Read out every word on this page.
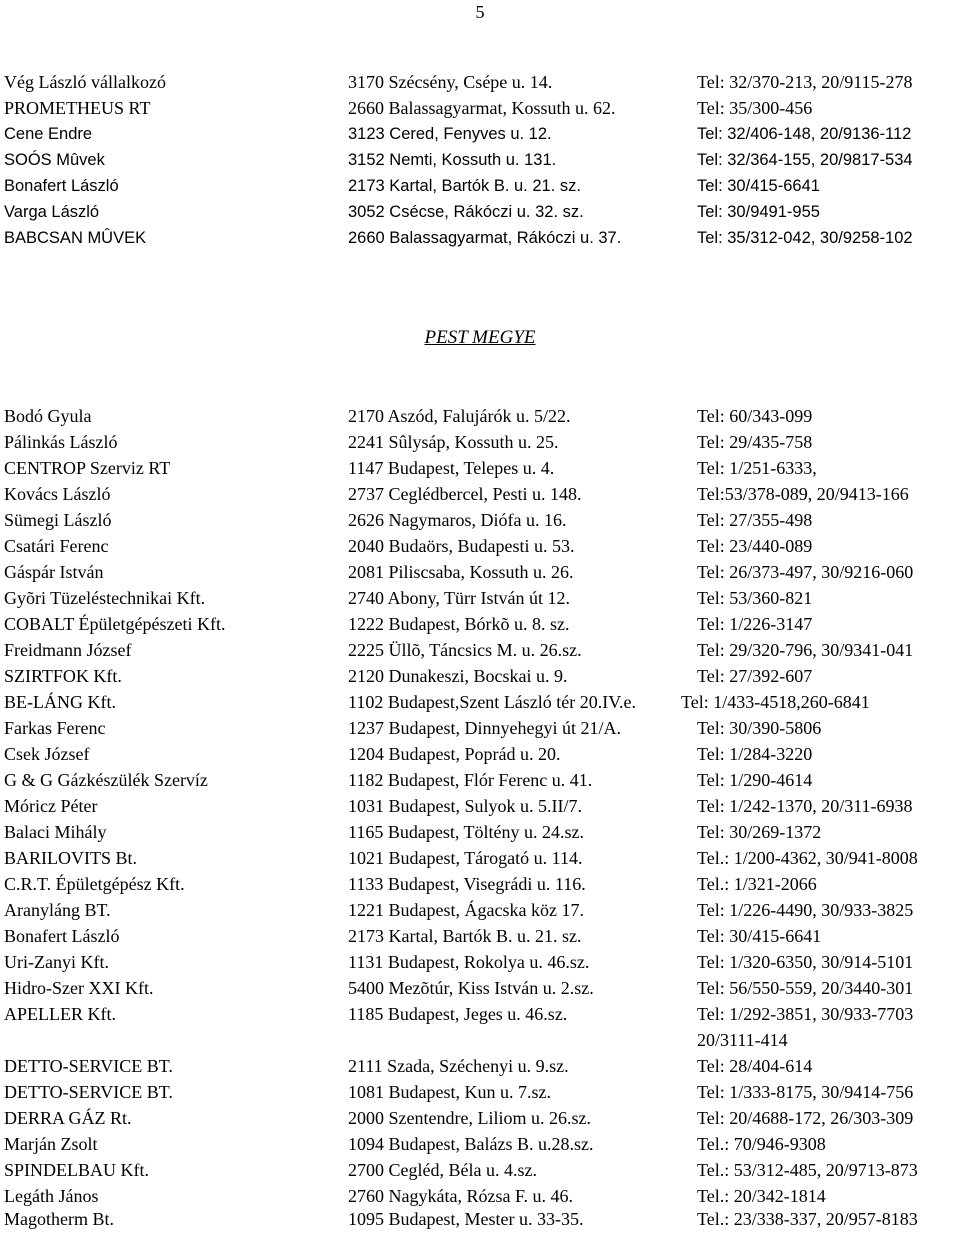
5
Vég László vállalkozó	3170 Szécsény, Csépe u. 14.	Tel: 32/370-213, 20/9115-278
PROMETHEUS RT	2660 Balassagyarmat, Kossuth u. 62.	Tel: 35/300-456
Cene Endre	3123 Cered, Fenyves u. 12.	Tel: 32/406-148, 20/9136-112
SOÓS Mûvek	3152 Nemti, Kossuth u. 131.	Tel: 32/364-155, 20/9817-534
Bonafert László	2173 Kartal, Bartók B. u. 21. sz.	Tel: 30/415-6641
Varga László	3052 Csécse, Rákóczi u. 32. sz.	Tel: 30/9491-955
BABCSAN MÛVEK	2660 Balassagyarmat, Rákóczi u. 37.	Tel: 35/312-042, 30/9258-102
PEST MEGYE
Bodó Gyula	2170 Aszód, Falujárók u. 5/22.	Tel: 60/343-099
Pálinkás László	2241 Sûlysáp, Kossuth u. 25.	Tel: 29/435-758
CENTROP Szerviz RT	1147 Budapest, Telepes u. 4.	Tel: 1/251-6333,
Kovács László	2737 Ceglédbercel, Pesti u. 148.	Tel:53/378-089, 20/9413-166
Sümegi László	2626 Nagymaros, Diófa u. 16.	Tel: 27/355-498
Csatári Ferenc	2040 Budaörs, Budapesti u. 53.	Tel: 23/440-089
Gáspár István	2081 Piliscsaba, Kossuth u. 26.	Tel: 26/373-497, 30/9216-060
Gyõri Tüzeléstechnikai Kft.	2740 Abony, Türr István út 12.	Tel: 53/360-821
COBALT Épületgépészeti Kft.	1222 Budapest, Bórkõ u. 8. sz.	Tel: 1/226-3147
Freidmann József	2225 Üllõ, Táncsics M. u. 26.sz.	Tel: 29/320-796, 30/9341-041
SZIRTFOK Kft.	2120 Dunakeszi, Bocskai u. 9.	Tel: 27/392-607
BE-LÁNG Kft.	1102 Budapest,Szent László tér 20.IV.e.	Tel: 1/433-4518,260-6841
Farkas Ferenc	1237 Budapest, Dinnyehegyi út 21/A.	Tel: 30/390-5806
Csek József	1204 Budapest, Poprád u. 20.	Tel: 1/284-3220
G & G Gázkészülék Szervíz	1182 Budapest, Flór Ferenc u. 41.	Tel: 1/290-4614
Móricz Péter	1031 Budapest, Sulyok u. 5.II/7.	Tel: 1/242-1370, 20/311-6938
Balaci Mihály	1165 Budapest, Töltény u. 24.sz.	Tel: 30/269-1372
BARILOVITS Bt.	1021 Budapest, Tárogató u. 114.	Tel.: 1/200-4362, 30/941-8008
C.R.T. Épületgépész Kft.	1133 Budapest, Visegrádi u. 116.	Tel.: 1/321-2066
Aranyláng BT.	1221 Budapest, Ágacska köz 17.	Tel: 1/226-4490, 30/933-3825
Bonafert László	2173 Kartal, Bartók B. u. 21. sz.	Tel: 30/415-6641
Uri-Zanyi Kft.	1131 Budapest, Rokolya u. 46.sz.	Tel: 1/320-6350, 30/914-5101
Hidro-Szer XXI Kft.	5400 Mezõtúr, Kiss István u. 2.sz.	Tel: 56/550-559, 20/3440-301
APELLER Kft.	1185 Budapest, Jeges u. 46.sz.	Tel: 1/292-3851, 30/933-7703
20/3111-414
DETTO-SERVICE BT.	2111 Szada, Széchenyi u. 9.sz.	Tel: 28/404-614
DETTO-SERVICE BT.	1081 Budapest, Kun u. 7.sz.	Tel: 1/333-8175, 30/9414-756
DERRA GÁZ Rt.	2000 Szentendre, Liliom u. 26.sz.	Tel: 20/4688-172, 26/303-309
Marján Zsolt	1094 Budapest, Balázs B. u.28.sz.	Tel.: 70/946-9308
SPINDELBAU Kft.	2700 Cegléd, Béla u. 4.sz.	Tel.: 53/312-485, 20/9713-873
Legáth János	2760 Nagykáta, Rózsa F. u. 46.	Tel.: 20/342-1814
Magotherm Bt.	1095 Budapest, Mester u. 33-35.	Tel.: 23/338-337, 20/957-8183
